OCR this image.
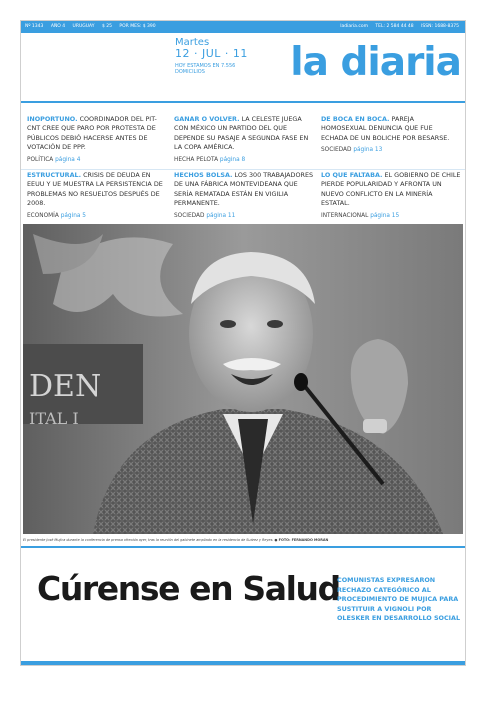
Nº 1343 AÑO 4 URUGUAY $ 25 POR MES: $ 390	ladiaria.com TEL: 2 584 44 48 ISSN: 1688-8375
Martes
12 · JUL · 11
HOY ESTAMOS EN 7.556 DOMICILIOS	la diaria
INOPORTUNO. COORDINADOR DEL PIT-CNT CREE QUE PARO POR PROTESTA DE PÚBLICOS DEBIÓ HACERSE ANTES DE VOTACIÓN DE PPP.
POLÍTICA página 4
GANAR O VOLVER. LA CELESTE JUEGA CON MÉXICO UN PARTIDO DEL QUE DEPENDE SU PASAJE A SEGUNDA FASE EN LA COPA AMÉRICA.
HECHA PELOTA página 8
DE BOCA EN BOCA. PAREJA HOMOSEXUAL DENUNCIA QUE FUE ECHADA DE UN BOLICHE POR BESARSE.
SOCIEDAD página 13
ESTRUCTURAL. CRISIS DE DEUDA EN EEUU Y UE MUESTRA LA PERSISTENCIA DE PROBLEMAS NO RESUELTOS DESPUÉS DE 2008.
ECONOMÍA página 5
HECHOS BOLSA. LOS 300 TRABAJADORES DE UNA FÁBRICA MONTEVIDEANA QUE SERÍA REMATADA ESTÁN EN VIGILIA PERMANENTE.
SOCIEDAD página 11
LO QUE FALTABA. EL GOBIERNO DE CHILE PIERDE POPULARIDAD Y AFRONTA UN NUEVO CONFLICTO EN LA MINERÍA ESTATAL.
INTERNACIONAL página 15
DEN
ITAL I
El presidente José Mujica durante la conferencia de prensa ofrecida ayer, tras la reunión del gabinete ampliado en la residencia de Suárez y Reyes. ● FOTO: FERNANDO MORÁN
Cúrense en Salud
COMUNISTAS EXPRESARON RECHAZO CATEGÓRICO AL PROCEDIMIENTO DE MUJICA PARA SUSTITUIR A VIGNOLI POR OLESKER EN DESARROLLO SOCIAL
